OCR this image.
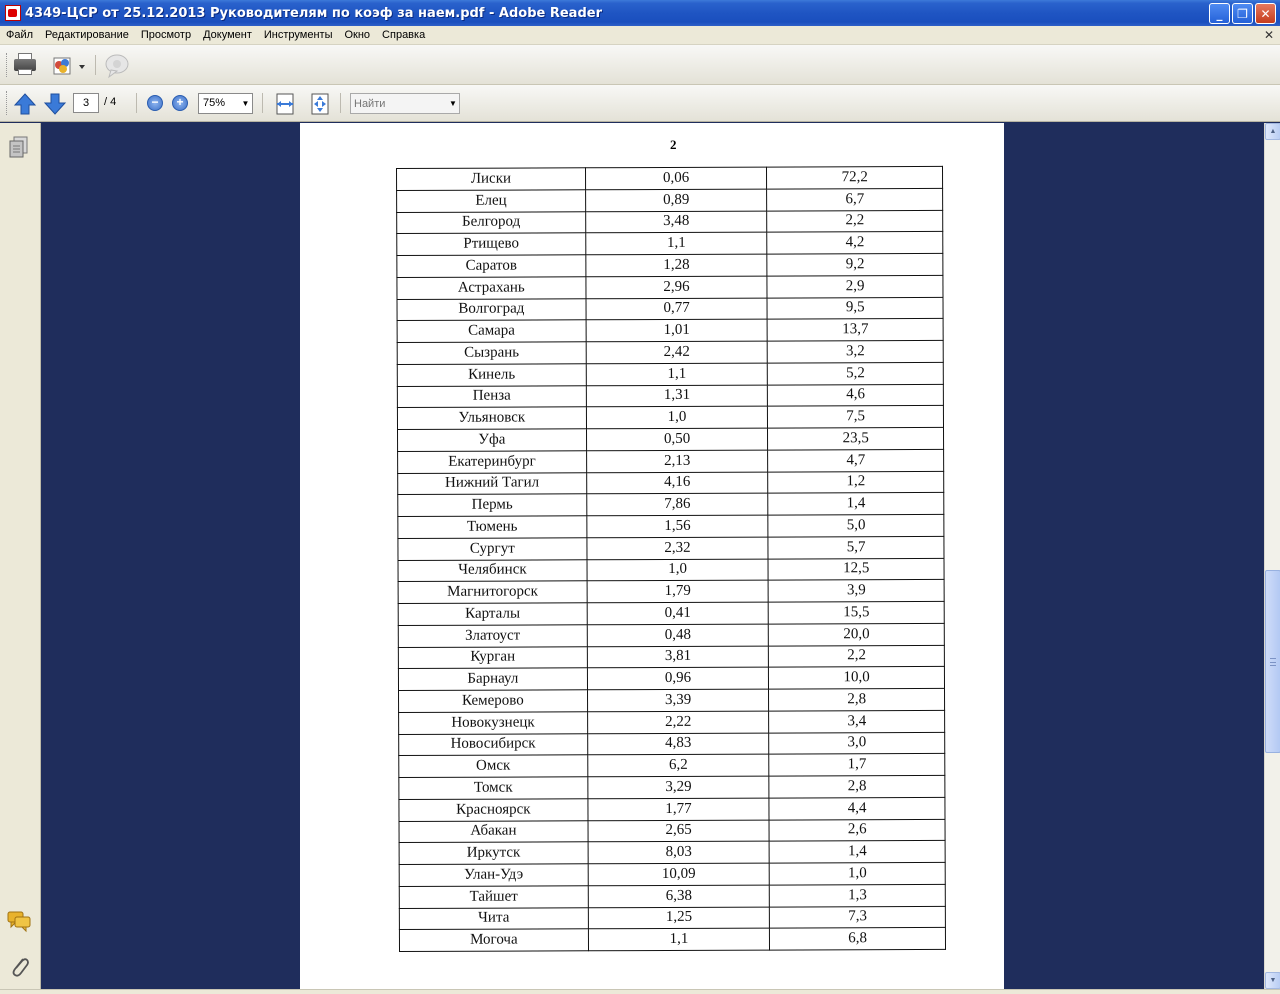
4349-ЦСР от 25.12.2013 Руководителям по коэф за наем.pdf - Adobe Reader	_ ❐ ✕
Файл Редактирование Просмотр Документ Инструменты Окно Справка	✕
3	/ 4	−	+	75%	▼
Найти	▼
2
Лиски	0,06	72,2
Елец	0,89	6,7
Белгород	3,48	2,2
Ртищево	1,1	4,2
Саратов	1,28	9,2
Астрахань	2,96	2,9
Волгоград	0,77	9,5
Самара	1,01	13,7
Сызрань	2,42	3,2
Кинель	1,1	5,2
Пенза	1,31	4,6
Ульяновск	1,0	7,5
Уфа	0,50	23,5
Екатеринбург	2,13	4,7
Нижний Тагил	4,16	1,2
Пермь	7,86	1,4
Тюмень	1,56	5,0
Сургут	2,32	5,7
Челябинск	1,0	12,5
Магнитогорск	1,79	3,9
Карталы	0,41	15,5
Златоуст	0,48	20,0
Курган	3,81	2,2
Барнаул	0,96	10,0
Кемерово	3,39	2,8
Новокузнецк	2,22	3,4
Новосибирск	4,83	3,0
Омск	6,2	1,7
Томск	3,29	2,8
Красноярск	1,77	4,4
Абакан	2,65	2,6
Иркутск	8,03	1,4
Улан-Удэ	10,09	1,0
Тайшет	6,38	1,3
Чита	1,25	7,3
Могоча	1,1	6,8
▲
▼
